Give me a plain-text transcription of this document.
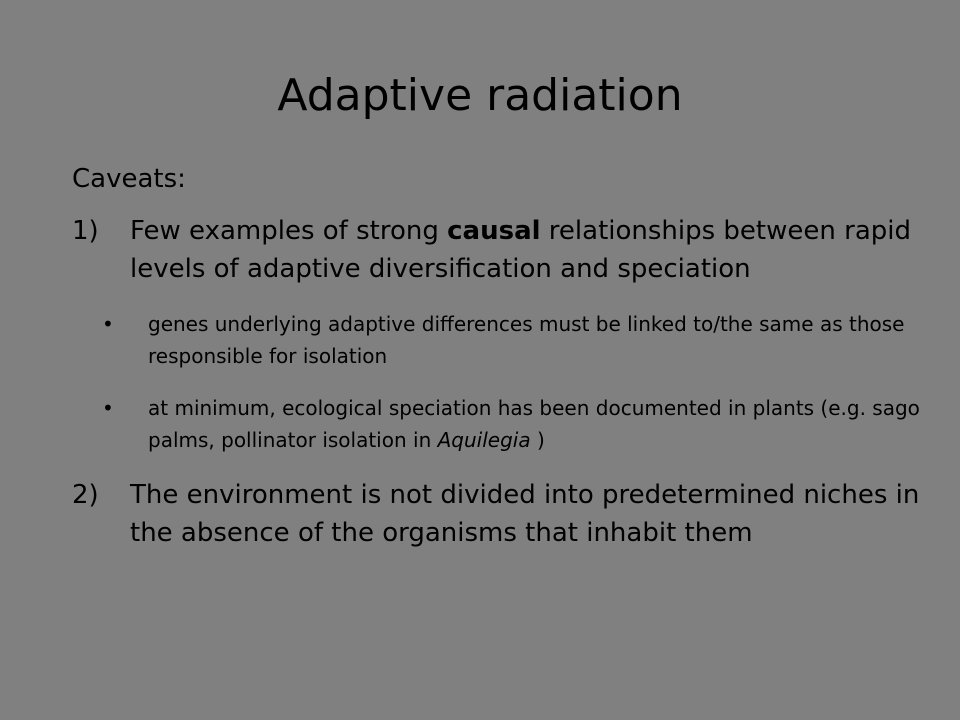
Adaptive radiation

Caveats:

1) Few examples of strong causal relationships between rapid levels of adaptive diversification and speciation
• genes underlying adaptive differences must be linked to/the same as those responsible for isolation
• at minimum, ecological speciation has been documented in plants (e.g. sago palms, pollinator isolation in Aquilegia )
2) The environment is not divided into predetermined niches in the absence of the organisms that inhabit them
